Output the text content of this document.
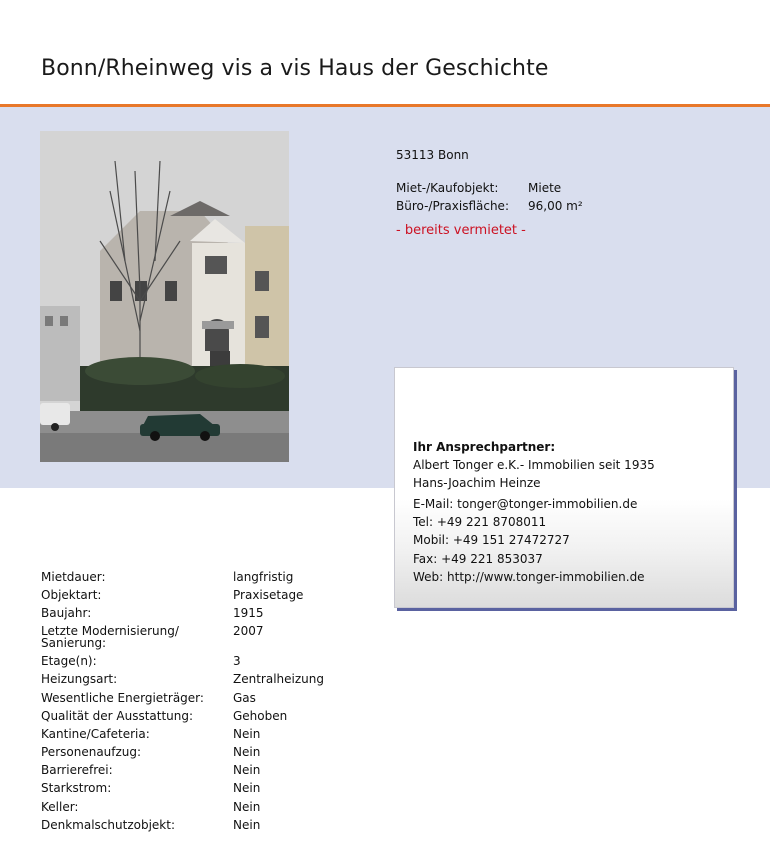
Bonn/Rheinweg vis a vis Haus der Geschichte
53113 Bonn
Miet-/Kaufobjekt: Miete
Büro-/Praxisfläche: 96,00 m²
- bereits vermietet -
Ihr Ansprechpartner:
Albert Tonger e.K.- Immobilien seit 1935
Hans-Joachim Heinze
E-Mail: tonger@tonger-immobilien.de
Tel: +49 221 8708011
Mobil: +49 151 27472727
Fax: +49 221 853037
Web: http://www.tonger-immobilien.de
Mietdauer:	langfristig
Objektart:	Praxisetage
Baujahr:	1915
Letzte Modernisierung/
Sanierung:
2007
Etage(n):	3
Heizungsart:	Zentralheizung
Wesentliche Energieträger: Gas
Qualität der Ausstattung:	Gehoben
Kantine/Cafeteria:	Nein
Personenaufzug:	Nein
Barrierefrei:	Nein
Starkstrom:	Nein
Keller:	Nein
Denkmalschutzobjekt:	Nein
